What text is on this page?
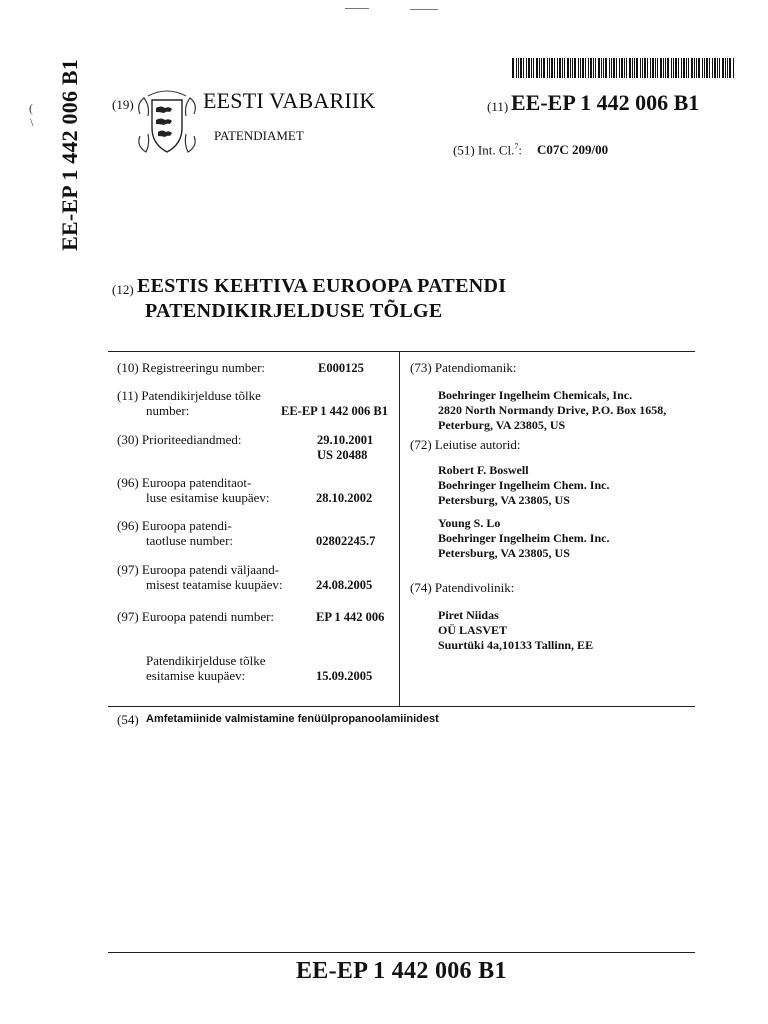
EE-EP 1 442 006 B1
(
\
(19)	EESTI VABARIIK
PATENDIAMET
(11) EE-EP 1 442 006 B1
(51) Int. Cl.$^7$: C07C 209/00
(12) EESTIS KEHTIVA EUROOPA PATENDI
PATENDIKIRJELDUSE TÕLGE
(10) Registreeringu number:	E000125
(11) Patendikirjelduse tõlke
number:	EE-EP 1 442 006 B1
(30) Prioriteediandmed:	29.10.2001
US 20488
(96) Euroopa patenditaot-
luse esitamise kuupäev:	28.10.2002
(96) Euroopa patendi-
taotluse number:	02802245.7
(97) Euroopa patendi väljaand-
misest teatamise kuupäev:	24.08.2005
(97) Euroopa patendi number:	EP 1 442 006
Patendikirjelduse tõlke
esitamise kuupäev:	15.09.2005
(73) Patendiomanik:
Boehringer Ingelheim Chemicals, Inc.
2820 North Normandy Drive, P.O. Box 1658,
Peterburg, VA 23805, US
(72) Leiutise autorid:
Robert F. Boswell
Boehringer Ingelheim Chem. Inc.
Petersburg, VA 23805, US
Young S. Lo
Boehringer Ingelheim Chem. Inc.
Petersburg, VA 23805, US
(74) Patendivolinik:
Piret Niidas
OÜ LASVET
Suurtüki 4a,10133 Tallinn, EE
(54) Amfetamiinide valmistamine fenüülpropanoolamiinidest
EE-EP 1 442 006 B1
